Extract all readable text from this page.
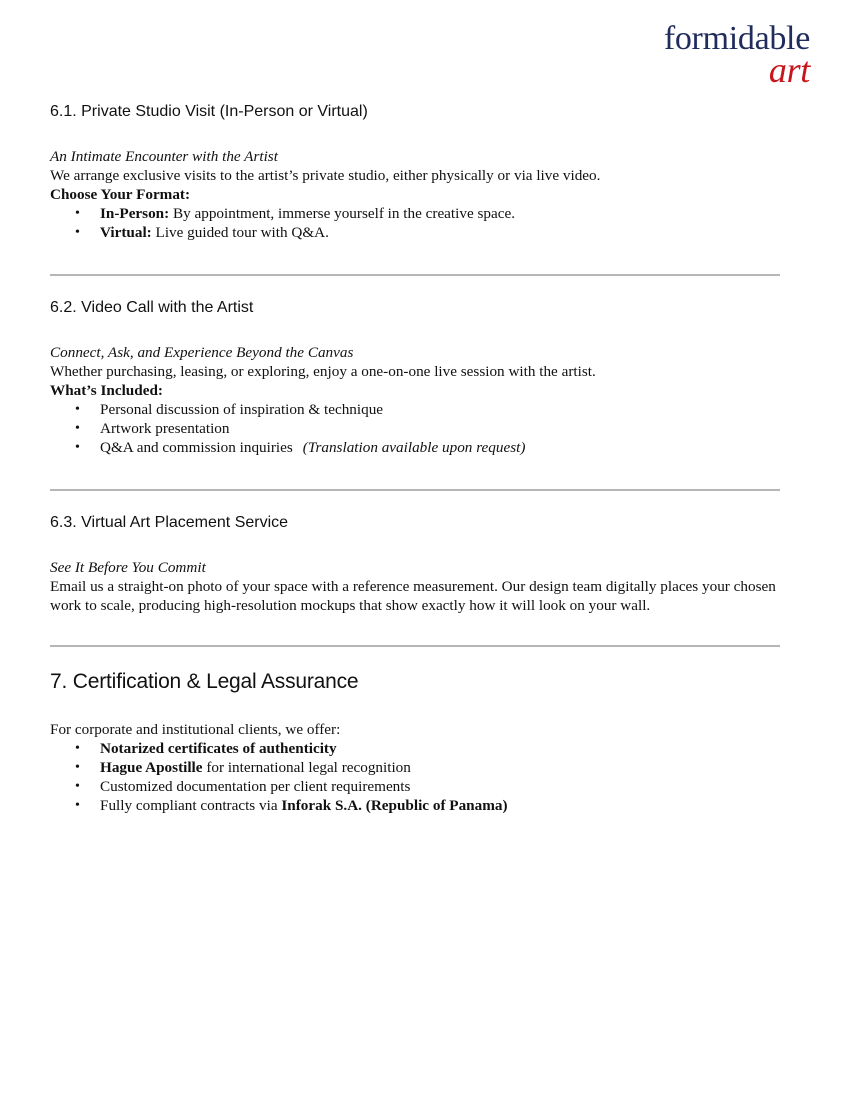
formidable
art
6.1. Private Studio Visit (In-Person or Virtual)

An Intimate Encounter with the Artist

We arrange exclusive visits to the artist’s private studio, either physically or via live video.

Choose Your Format:

• In-Person: By appointment, immerse yourself in the creative space.
• Virtual: Live guided tour with Q&A.
6.2. Video Call with the Artist

Connect, Ask, and Experience Beyond the Canvas

Whether purchasing, leasing, or exploring, enjoy a one-on-one live session with the artist.

What’s Included:

• Personal discussion of inspiration & technique
• Artwork presentation
• Q&A and commission inquiries (Translation available upon request)
6.3. Virtual Art Placement Service

See It Before You Commit

Email us a straight-on photo of your space with a reference measurement. Our design team digitally places your chosen work to scale, producing high-resolution mockups that show exactly how it will look on your wall.

7. Certification & Legal Assurance

For corporate and institutional clients, we offer:

• Notarized certificates of authenticity
• Hague Apostille for international legal recognition
• Customized documentation per client requirements
• Fully compliant contracts via Inforak S.A. (Republic of Panama)
